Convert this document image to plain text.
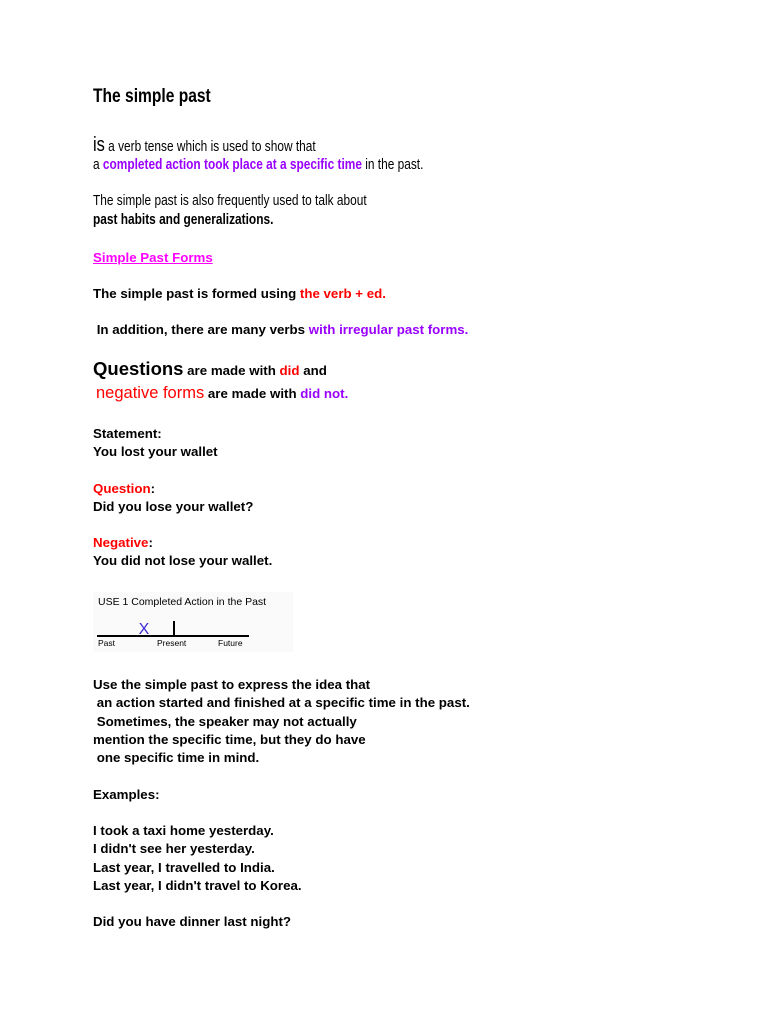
The simple past
is a verb tense which is used to show that
a completed action took place at a specific time in the past.
The simple past is also frequently used to talk about
past habits and generalizations.
Simple Past Forms
The simple past is formed using the verb + ed.
In addition, there are many verbs with irregular past forms.
Questions are made with did and
negative forms are made with did not.
Statement:
You lost your wallet
Question:
Did you lose your wallet?
Negative:
You did not lose your wallet.
USE 1 Completed Action in the Past
X
Past	Present	Future
Use the simple past to express the idea that
an action started and finished at a specific time in the past.
Sometimes, the speaker may not actually
mention the specific time, but they do have
one specific time in mind.
Examples:
I took a taxi home yesterday.
I didn't see her yesterday.
Last year, I travelled to India.
Last year, I didn't travel to Korea.
Did you have dinner last night?
